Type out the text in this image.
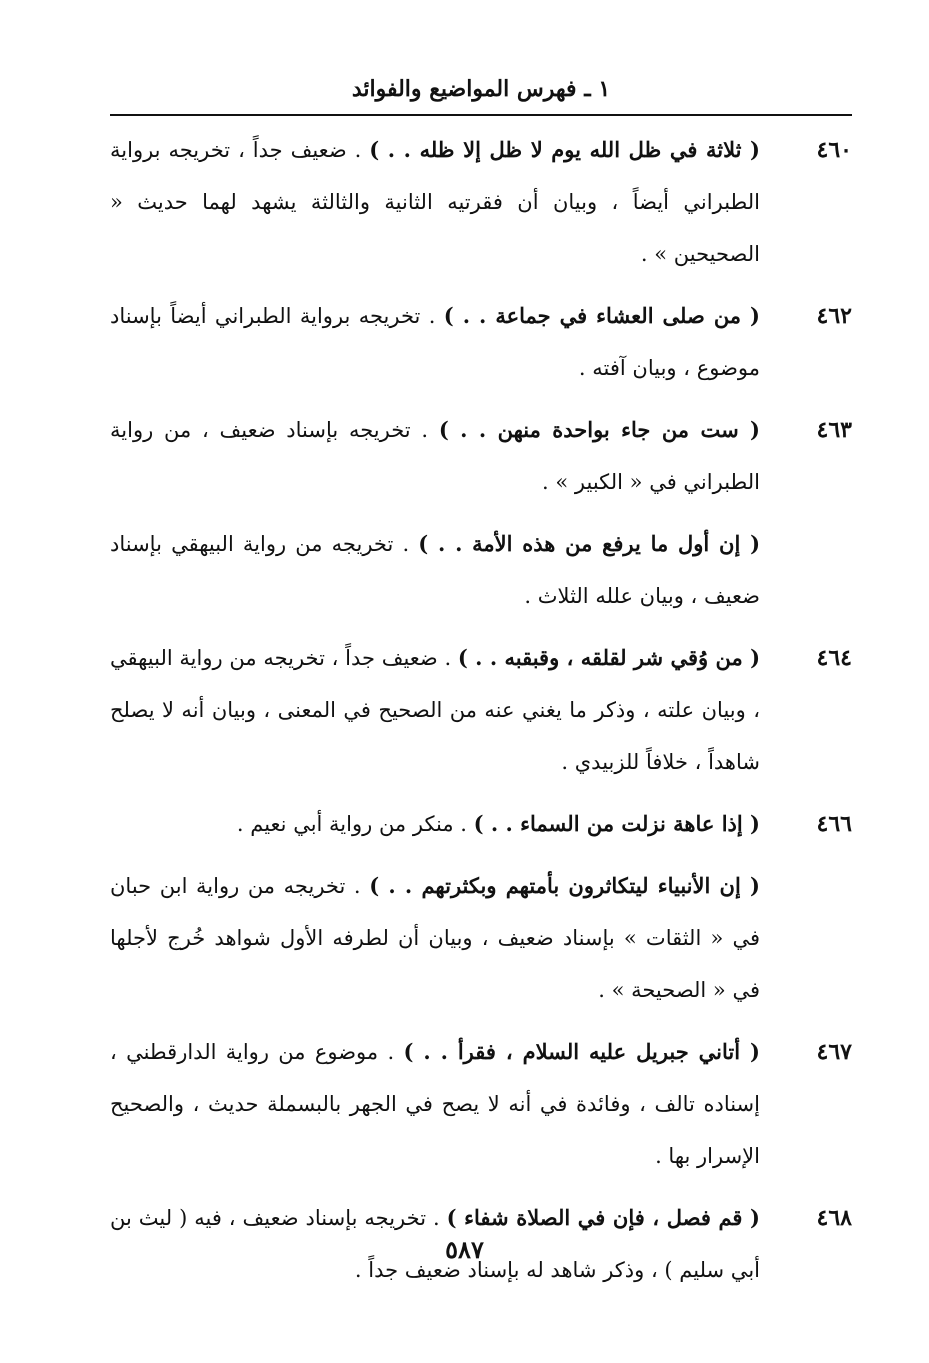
١ ـ فهرس المواضيع والفوائد
٤٦٠
( ثلاثة في ظل الله يوم لا ظل إلا ظله . . ) . ضعيف جداً ، تخريجه برواية الطبراني أيضاً ، وبيان أن فقرتيه الثانية والثالثة يشهد لهما حديث « الصحيحين » .
٤٦٢
( من صلى العشاء في جماعة . . ) . تخريجه برواية الطبراني أيضاً بإسناد موضوع ، وبيان آفته .
٤٦٣
( ست من جاء بواحدة منهن . . ) . تخريجه بإسناد ضعيف ، من رواية الطبراني في « الكبير » .
( إن أول ما يرفع من هذه الأمة . . ) . تخريجه من رواية البيهقي بإسناد ضعيف ، وبيان علله الثلاث .
٤٦٤
( من وُقي شر لقلقه ، وقبقبه . . ) . ضعيف جداً ، تخريجه من رواية البيهقي ، وبيان علته ، وذكر ما يغني عنه من الصحيح في المعنى ، وبيان أنه لا يصلح شاهداً ، خلافاً للزبيدي .
٤٦٦
( إذا عاهة نزلت من السماء . . ) . منكر من رواية أبي نعيم .
( إن الأنبياء ليتكاثرون بأمتهم وبكثرتهم . . ) . تخريجه من رواية ابن حبان في « الثقات » بإسناد ضعيف ، وبيان أن لطرفه الأول شواهد خُرج لأجلها في « الصحيحة » .
٤٦٧
( أتاني جبريل عليه السلام ، فقرأ . . ) . موضوع من رواية الدارقطني ، إسناده تالف ، وفائدة في أنه لا يصح في الجهر بالبسملة حديث ، والصحيح الإسرار بها .
٤٦٨
( قم فصل ، فإن في الصلاة شفاء ) . تخريجه بإسناد ضعيف ، فيه ( ليث بن أبي سليم ) ، وذكر شاهد له بإسناد ضعيف جداً .
٥٨٧
